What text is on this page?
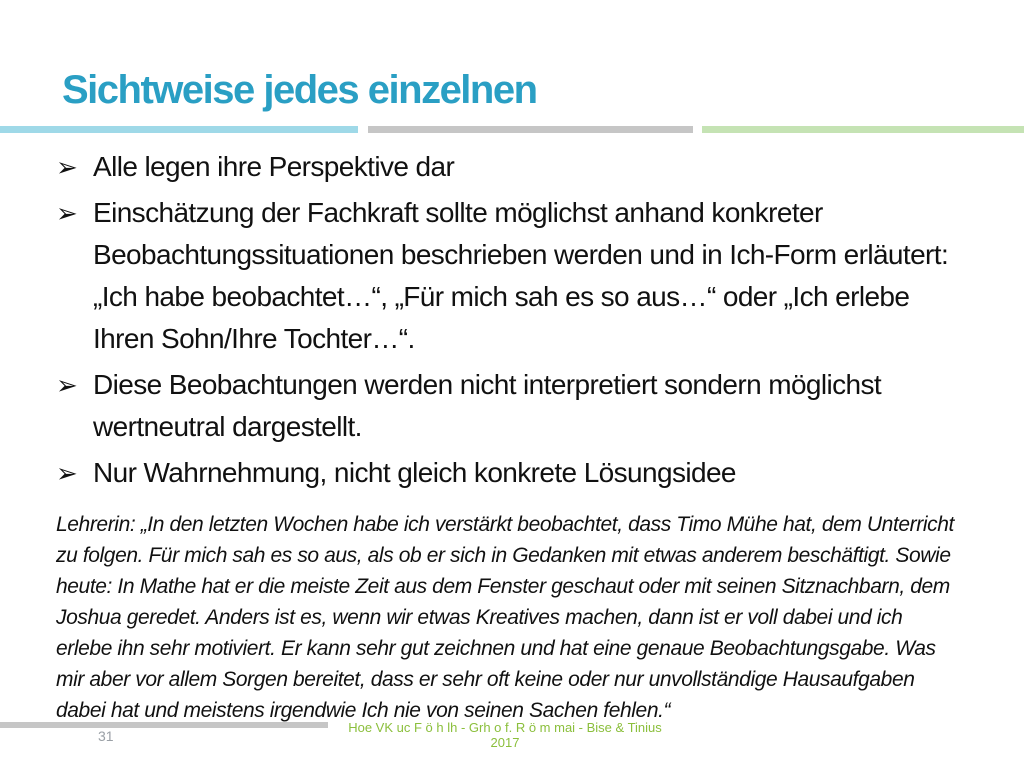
Sichtweise jedes einzelnen
➢ Alle legen ihre Perspektive dar
➢ Einschätzung der Fachkraft sollte möglichst anhand konkreter Beobachtungssituationen beschrieben werden und in Ich-Form erläutert: „Ich habe beobachtet…“, „Für mich sah es so aus…“ oder „Ich erlebe Ihren Sohn/Ihre Tochter…“.
➢ Diese Beobachtungen werden nicht interpretiert sondern möglichst wertneutral dargestellt.
➢ Nur Wahrnehmung, nicht gleich konkrete Lösungsidee

Lehrerin: „In den letzten Wochen habe ich verstärkt beobachtet, dass Timo Mühe hat, dem Unterricht zu folgen. Für mich sah es so aus, als ob er sich in Gedanken mit etwas anderem beschäftigt. Sowie heute: In Mathe hat er die meiste Zeit aus dem Fenster geschaut oder mit seinen Sitznachbarn, dem Joshua geredet. Anders ist es, wenn wir etwas Kreatives machen, dann ist er voll dabei und ich erlebe ihn sehr motiviert. Er kann sehr gut zeichnen und hat eine genaue Beobachtungsgabe. Was mir aber vor allem Sorgen bereitet, dass er sehr oft keine oder nur unvollständige Hausaufgaben dabei hat und meistens irgendwie Ich nie von seinen Sachen fehlen.“

31
Hoe VK uc F ö h lh - Grh o f. R ö m mai - Bise & Tinius 2017
